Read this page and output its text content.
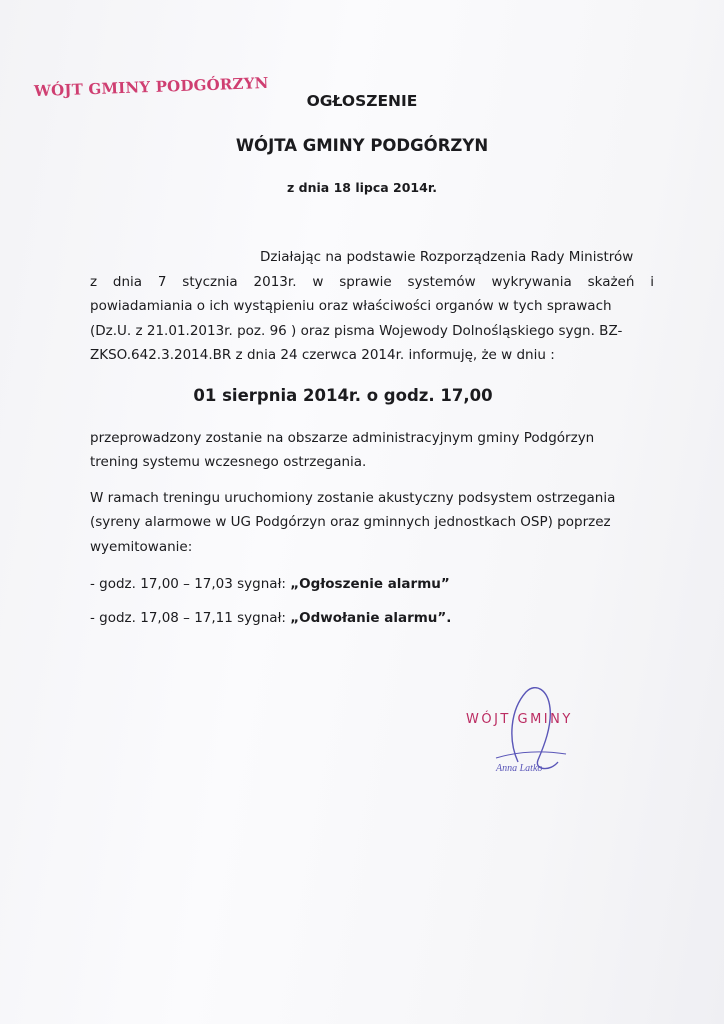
WÓJT GMINY PODGÓRZYN
OGŁOSZENIE
WÓJTA GMINY PODGÓRZYN
z dnia 18 lipca 2014r.
Działając na podstawie Rozporządzenia Rady Ministrów
z dnia 7 stycznia 2013r. w sprawie systemów wykrywania skażeń i
powiadamiania o ich wystąpieniu oraz właściwości organów w tych sprawach
(Dz.U. z 21.01.2013r. poz. 96 ) oraz pisma Wojewody Dolnośląskiego sygn. BZ-
ZKSO.642.3.2014.BR z dnia 24 czerwca 2014r. informuję, że w dniu :
01 sierpnia 2014r. o godz. 17,00
przeprowadzony zostanie na obszarze administracyjnym gminy Podgórzyn
trening systemu wczesnego ostrzegania.
W ramach treningu uruchomiony zostanie akustyczny podsystem ostrzegania
(syreny alarmowe w UG Podgórzyn oraz gminnych jednostkach OSP) poprzez
wyemitowanie:
- godz. 17,00 – 17,03 sygnał: „Ogłoszenie alarmu”
- godz. 17,08 – 17,11 sygnał: „Odwołanie alarmu”.
Anna Latko
WÓJT GMINY
